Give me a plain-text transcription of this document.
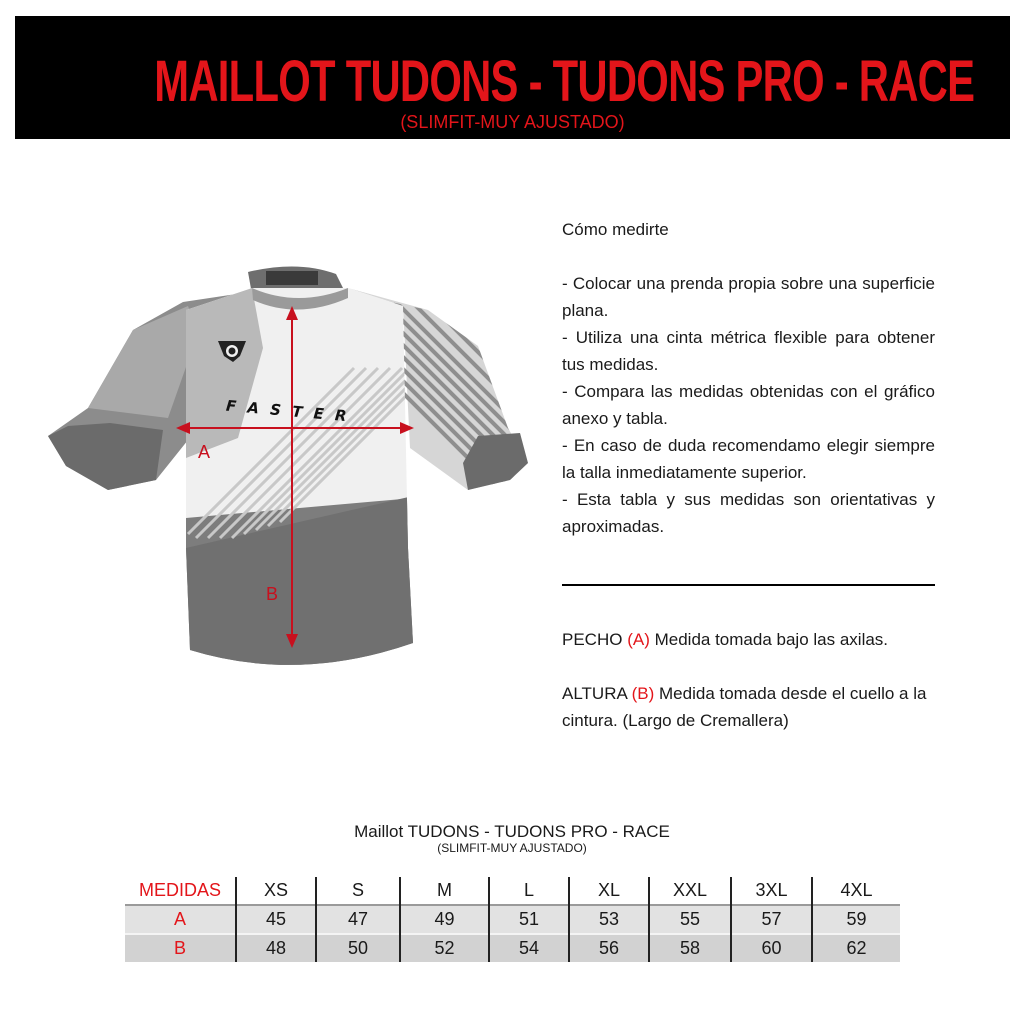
MAILLOT TUDONS - TUDONS PRO - RACE
(SLIMFIT-MUY AJUSTADO)
F A S T E R
A
B

Cómo medirte

- Colocar una prenda propia sobre una superficie plana.

- Utiliza una cinta métrica flexible para obtener tus medidas.

- Compara las medidas obtenidas con el gráfico anexo y tabla.

- En caso de duda recomendamo elegir siempre la talla inmediatamente superior.

- Esta tabla y sus medidas son orientativas y aproximadas.

PECHO (A) Medida tomada bajo las axilas.
ALTURA (B) Medida tomada desde el cuello a la cintura. (Largo de Cremallera)
Maillot TUDONS - TUDONS PRO - RACE
(SLIMFIT-MUY AJUSTADO)
MEDIDAS	XS	S	M	L	XL	XXL	3XL	4XL
A	45	47	49	51	53	55	57	59
B	48	50	52	54	56	58	60	62
